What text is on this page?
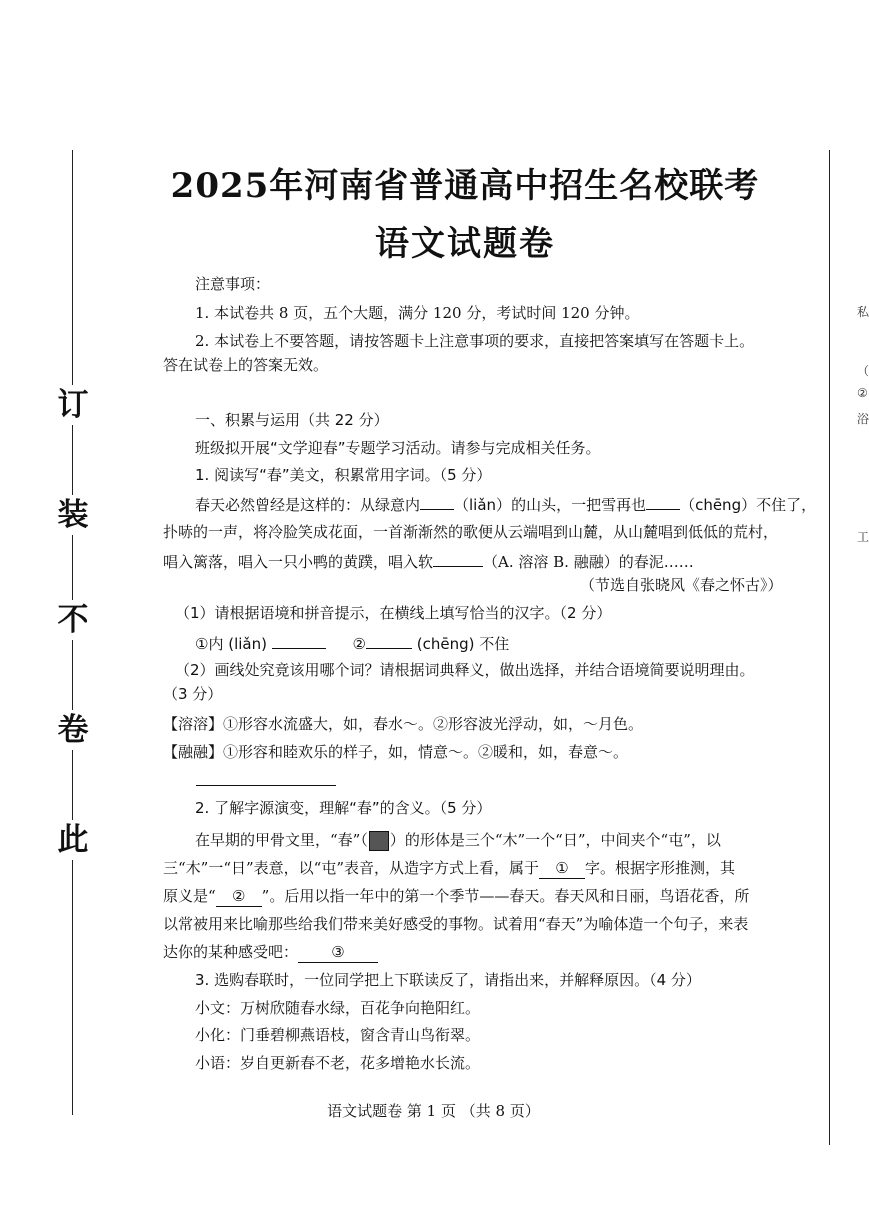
此
卷
不
装
订
私
（
②
浴
工
2025年河南省普通高中招生名校联考
语文试题卷
注意事项：
1. 本试卷共 8 页，五个大题，满分 120 分，考试时间 120 分钟。
2. 本试卷上不要答题，请按答题卡上注意事项的要求，直接把答案填写在答题卡上。
答在试卷上的答案无效。
一、积累与运用（共 22 分）
班级拟开展“文学迎春”专题学习活动。请参与完成相关任务。
1. 阅读写“春”美文，积累常用字词。（5 分）
春天必然曾经是这样的：从绿意内 （liǎn）的山头，一把雪再也 （chēng）不住了，
扑哧的一声，将冷脸笑成花面，一首渐渐然的歌便从云端唱到山麓，从山麓唱到低低的荒村，
唱入篱落，唱入一只小鸭的黄蹼，唱入软	（A. 溶溶 B. 融融）的春泥……
（节选自张晓风《春之怀古》）
（1）请根据语境和拼音提示，在横线上填写恰当的汉字。（2 分）
①内 (liǎn)	②	(chēng) 不住
（2）画线处究竟该用哪个词？请根据词典释义，做出选择，并结合语境简要说明理由。
（3 分）
【溶溶】①形容水流盛大，如，春水～。②形容波光浮动，如，～月色。
【融融】①形容和睦欢乐的样子，如，情意～。②暖和，如，春意～。
2. 了解字源演变，理解“春”的含义。（5 分）
在早期的甲骨文里，“春”（ ）的形体是三个“木”一个“日”，中间夹个“屯”，以
三“木”一“日”表意，以“屯”表音，从造字方式上看，属于 ① 字。根据字形推测，其
原义是“ ② ”。后用以指一年中的第一个季节——春天。春天风和日丽，鸟语花香，所
以常被用来比喻那些给我们带来美好感受的事物。试着用“春天”为喻体造一个句子，来表
达你的某种感受吧： ③
3. 选购春联时，一位同学把上下联读反了，请指出来，并解释原因。（4 分）
小文：万树欣随春水绿，百花争向艳阳红。
小化：门垂碧柳燕语枝，窗含青山鸟衔翠。
小语：岁自更新春不老，花多增艳水长流。
语文试题卷 第 1 页 （共 8 页）
